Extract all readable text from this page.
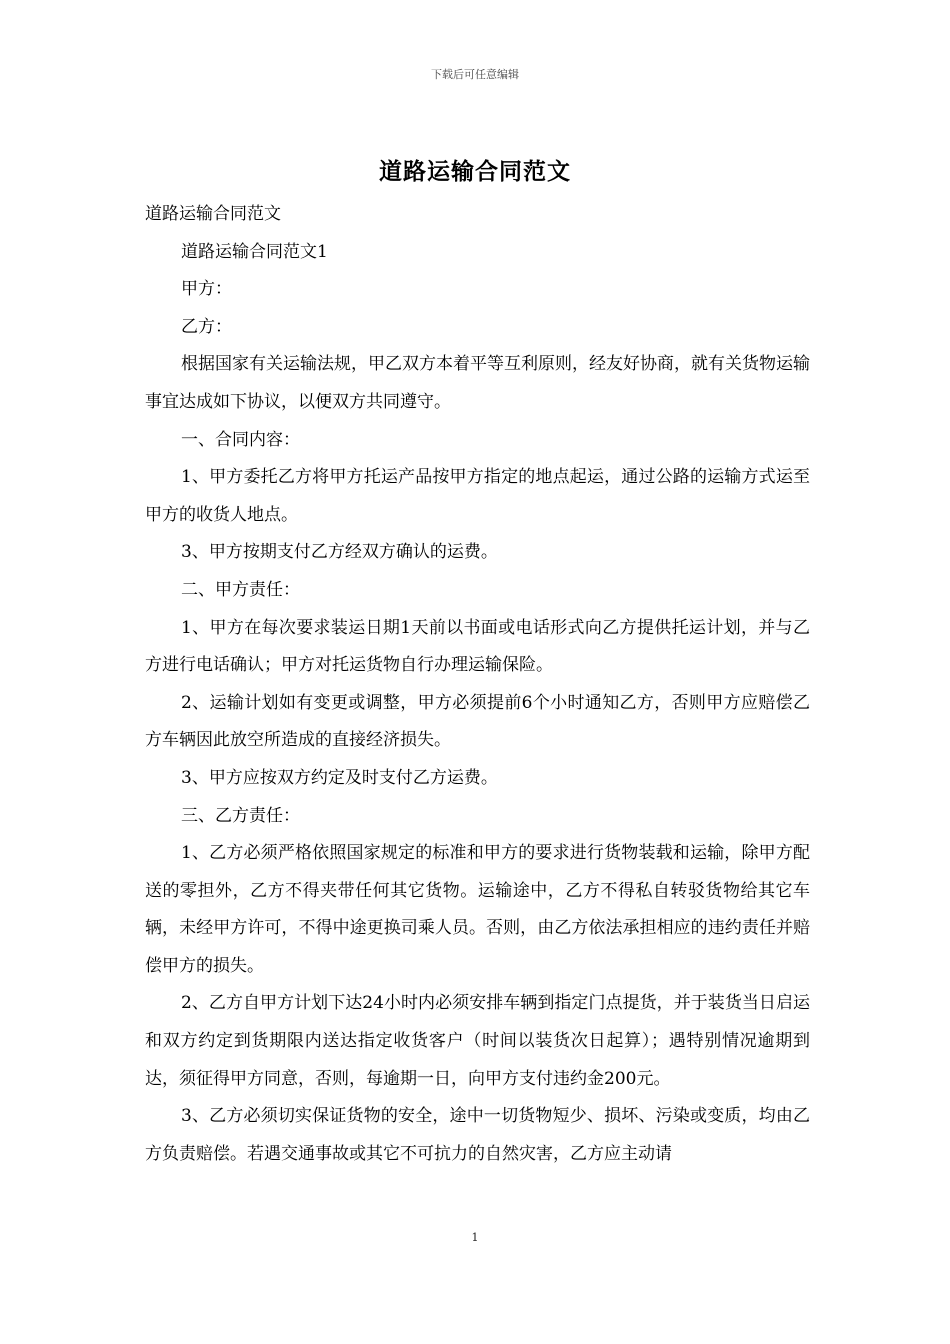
下载后可任意编辑
道路运输合同范文

道路运输合同范文

道路运输合同范文1

甲方：

乙方：

根据国家有关运输法规，甲乙双方本着平等互利原则，经友好协商，就有关货物运输事宜达成如下协议，以便双方共同遵守。

一、合同内容：

1、甲方委托乙方将甲方托运产品按甲方指定的地点起运，通过公路的运输方式运至甲方的收货人地点。

3、甲方按期支付乙方经双方确认的运费。

二、甲方责任：

1、甲方在每次要求装运日期1天前以书面或电话形式向乙方提供托运计划，并与乙方进行电话确认；甲方对托运货物自行办理运输保险。

2、运输计划如有变更或调整，甲方必须提前6个小时通知乙方，否则甲方应赔偿乙方车辆因此放空所造成的直接经济损失。

3、甲方应按双方约定及时支付乙方运费。

三、乙方责任：

1、乙方必须严格依照国家规定的标准和甲方的要求进行货物装载和运输，除甲方配送的零担外，乙方不得夹带任何其它货物。运输途中，乙方不得私自转驳货物给其它车辆，未经甲方许可，不得中途更换司乘人员。否则，由乙方依法承担相应的违约责任并赔偿甲方的损失。

2、乙方自甲方计划下达24小时内必须安排车辆到指定门点提货，并于装货当日启运和双方约定到货期限内送达指定收货客户（时间以装货次日起算）；遇特别情况逾期到达，须征得甲方同意，否则，每逾期一日，向甲方支付违约金200元。

3、乙方必须切实保证货物的安全，途中一切货物短少、损坏、污染或变质，均由乙方负责赔偿。若遇交通事故或其它不可抗力的自然灾害，乙方应主动请

1
